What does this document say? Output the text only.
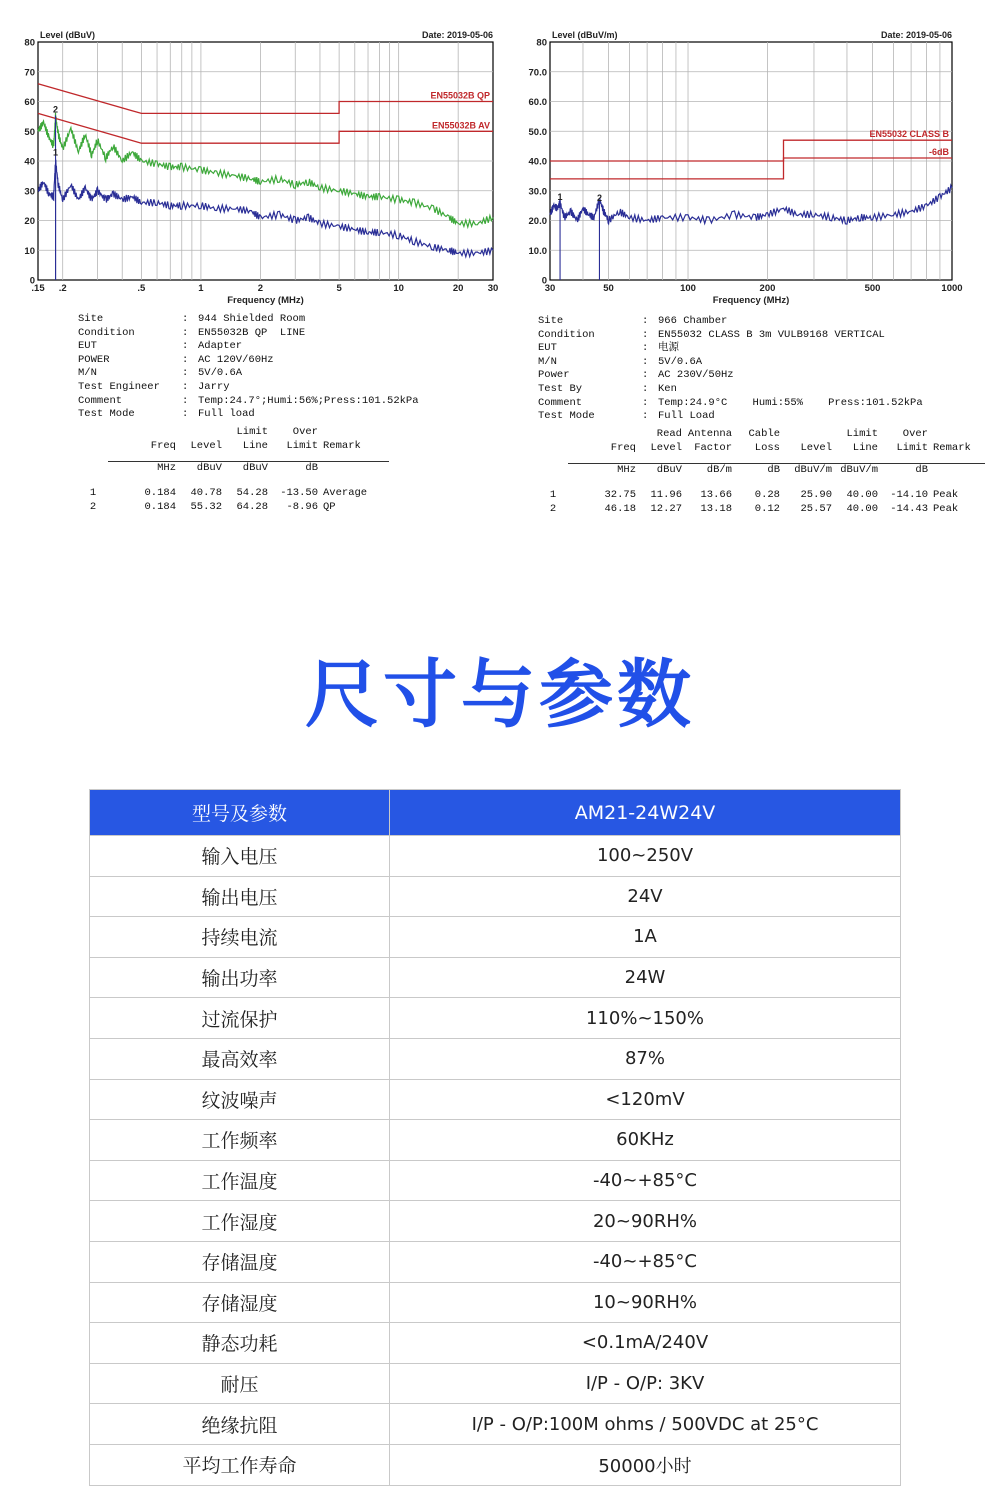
0
10
20
30
40
50
60
70
80
.15 .2	.5	1	2	5	10	20	30
Level (dBuV)	Date: 2019-05-06
Frequency (MHz)
EN55032B QP
EN55032B AV
2
1
0
10.0
20.0
30.0
40.0
50.0
60.0
70.0
80
30	50	100	200	500	1000
Level (dBuV/m)	Date: 2019-05-06
Frequency (MHz)
EN55032 CLASS B
-6dB
1	2
Site	: 944 Shielded Room
Condition	: EN55032B QP  LINE
EUT	: Adapter
POWER	: AC 120V/60Hz
M/N	: 5V/0.6A
Test Engineer	: Jarry
Comment	: Temp:24.7°;Humi:56%;Press:101.52kPa
Test Mode	: Full load
			Limit	Over	
	Freq	Level	Line	Limit	Remark

	MHz	dBuV	dBuV	dB	

1	0.184	40.78	54.28	-13.50	Average
2	0.184	55.32	64.28	-8.96	QP
Site	: 966 Chamber
Condition	: EN55032 CLASS B 3m VULB9168 VERTICAL
EUT	: 电源
M/N	: 5V/0.6A
Power	: AC 230V/50Hz
Test By	: Ken
Comment	: Temp:24.9°C    Humi:55%    Press:101.52kPa
Test Mode	: Full Load
		Read	Antenna	Cable		Limit	Over	
	Freq	Level	Factor	Loss	Level	Line	Limit	Remark

	MHz	dBuV	dB/m	dB	dBuV/m	dBuV/m	dB	

1	32.75	11.96	13.66	0.28	25.90	40.00	-14.10	Peak
2	46.18	12.27	13.18	0.12	25.57	40.00	-14.43	Peak
尺寸与参数
型号及参数	AM21-24W24V
输入电压	100~250V
输出电压	24V
持续电流	1A
输出功率	24W
过流保护	110%~150%
最高效率	87%
纹波噪声	<120mV
工作频率	60KHz
工作温度	-40~+85°C
工作湿度	20~90RH%
存储温度	-40~+85°C
存储湿度	10~90RH%
静态功耗	<0.1mA/240V
耐压	I/P - O/P: 3KV
绝缘抗阻	I/P - O/P:100M ohms / 500VDC at 25°C
平均工作寿命	50000小时
